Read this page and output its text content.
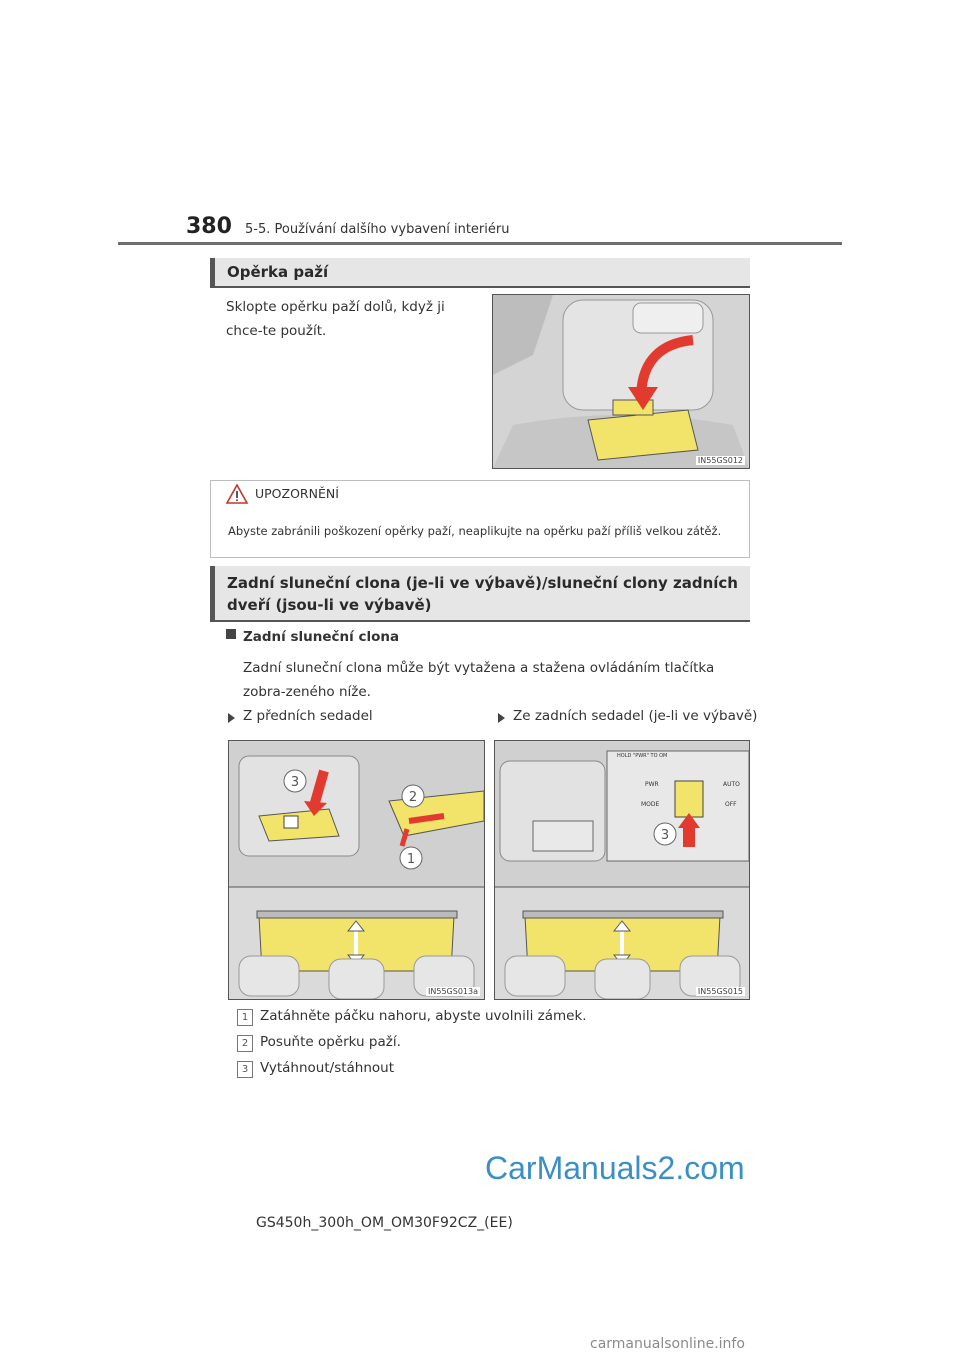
380 5-5. Používání dalšího vybavení interiéru
Opěrka paží
Sklopte opěrku paží dolů, když ji chce-te použít.
IN55GS012
UPOZORNĚNÍ
Abyste zabránili poškození opěrky paží, neaplikujte na opěrku paží příliš velkou zátěž.
Zadní sluneční clona (je-li ve výbavě)/sluneční clony zadních dveří (jsou-li ve výbavě)
Zadní sluneční clona
Zadní sluneční clona může být vytažena a stažena ovládáním tlačítka zobra-zeného níže.
Z předních sedadel	Ze zadních sedadel (je-li ve výbavě)
3
2
1
IN55GS013a
3
HOLD "PWR" TO OM
PWR
MODE
AUTO
OFF
IN55GS015
1 Zatáhněte páčku nahoru, abyste uvolnili zámek.
2 Posuňte opěrku paží.
3 Vytáhnout/stáhnout
CarManuals2.com
GS450h_300h_OM_OM30F92CZ_(EE)
carmanualsonline.info
